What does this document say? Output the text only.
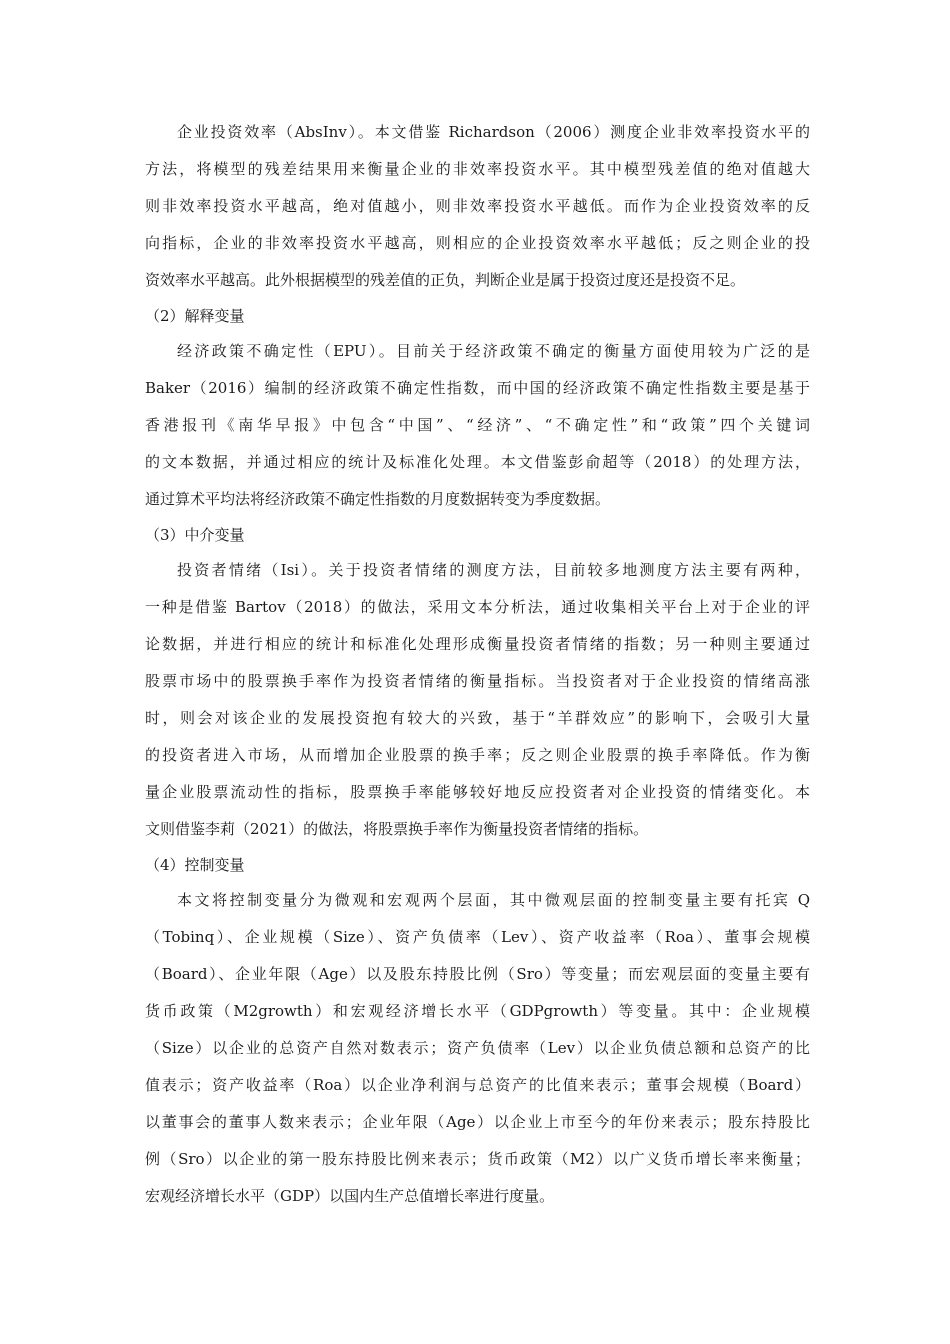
企业投资效率（AbsInv）。本文借鉴 Richardson（2006）测度企业非效率投资水平的
方法，将模型的残差结果用来衡量企业的非效率投资水平。其中模型残差值的绝对值越大
则非效率投资水平越高，绝对值越小，则非效率投资水平越低。而作为企业投资效率的反
向指标，企业的非效率投资水平越高，则相应的企业投资效率水平越低；反之则企业的投
资效率水平越高。此外根据模型的残差值的正负，判断企业是属于投资过度还是投资不足。
（2）解释变量
经济政策不确定性（EPU）。目前关于经济政策不确定的衡量方面使用较为广泛的是
Baker（2016）编制的经济政策不确定性指数，而中国的经济政策不确定性指数主要是基于
香港报刊《南华早报》中包含“中国”、“经济”、“不确定性”和“政策”四个关键词
的文本数据，并通过相应的统计及标准化处理。本文借鉴彭俞超等（2018）的处理方法，
通过算术平均法将经济政策不确定性指数的月度数据转变为季度数据。
（3）中介变量
投资者情绪（Isi）。关于投资者情绪的测度方法，目前较多地测度方法主要有两种，
一种是借鉴 Bartov（2018）的做法，采用文本分析法，通过收集相关平台上对于企业的评
论数据，并进行相应的统计和标准化处理形成衡量投资者情绪的指数；另一种则主要通过
股票市场中的股票换手率作为投资者情绪的衡量指标。当投资者对于企业投资的情绪高涨
时，则会对该企业的发展投资抱有较大的兴致，基于“羊群效应”的影响下，会吸引大量
的投资者进入市场，从而增加企业股票的换手率；反之则企业股票的换手率降低。作为衡
量企业股票流动性的指标，股票换手率能够较好地反应投资者对企业投资的情绪变化。本
文则借鉴李莉（2021）的做法，将股票换手率作为衡量投资者情绪的指标。
（4）控制变量
本文将控制变量分为微观和宏观两个层面，其中微观层面的控制变量主要有托宾 Q
（Tobinq）、企业规模（Size）、资产负债率（Lev）、资产收益率（Roa）、董事会规模
（Board）、企业年限（Age）以及股东持股比例（Sro）等变量；而宏观层面的变量主要有
货币政策（M2growth）和宏观经济增长水平（GDPgrowth）等变量。其中：企业规模
（Size）以企业的总资产自然对数表示；资产负债率（Lev）以企业负债总额和总资产的比
值表示；资产收益率（Roa）以企业净利润与总资产的比值来表示；董事会规模（Board）
以董事会的董事人数来表示；企业年限（Age）以企业上市至今的年份来表示；股东持股比
例（Sro）以企业的第一股东持股比例来表示；货币政策（M2）以广义货币增长率来衡量；
宏观经济增长水平（GDP）以国内生产总值增长率进行度量。
